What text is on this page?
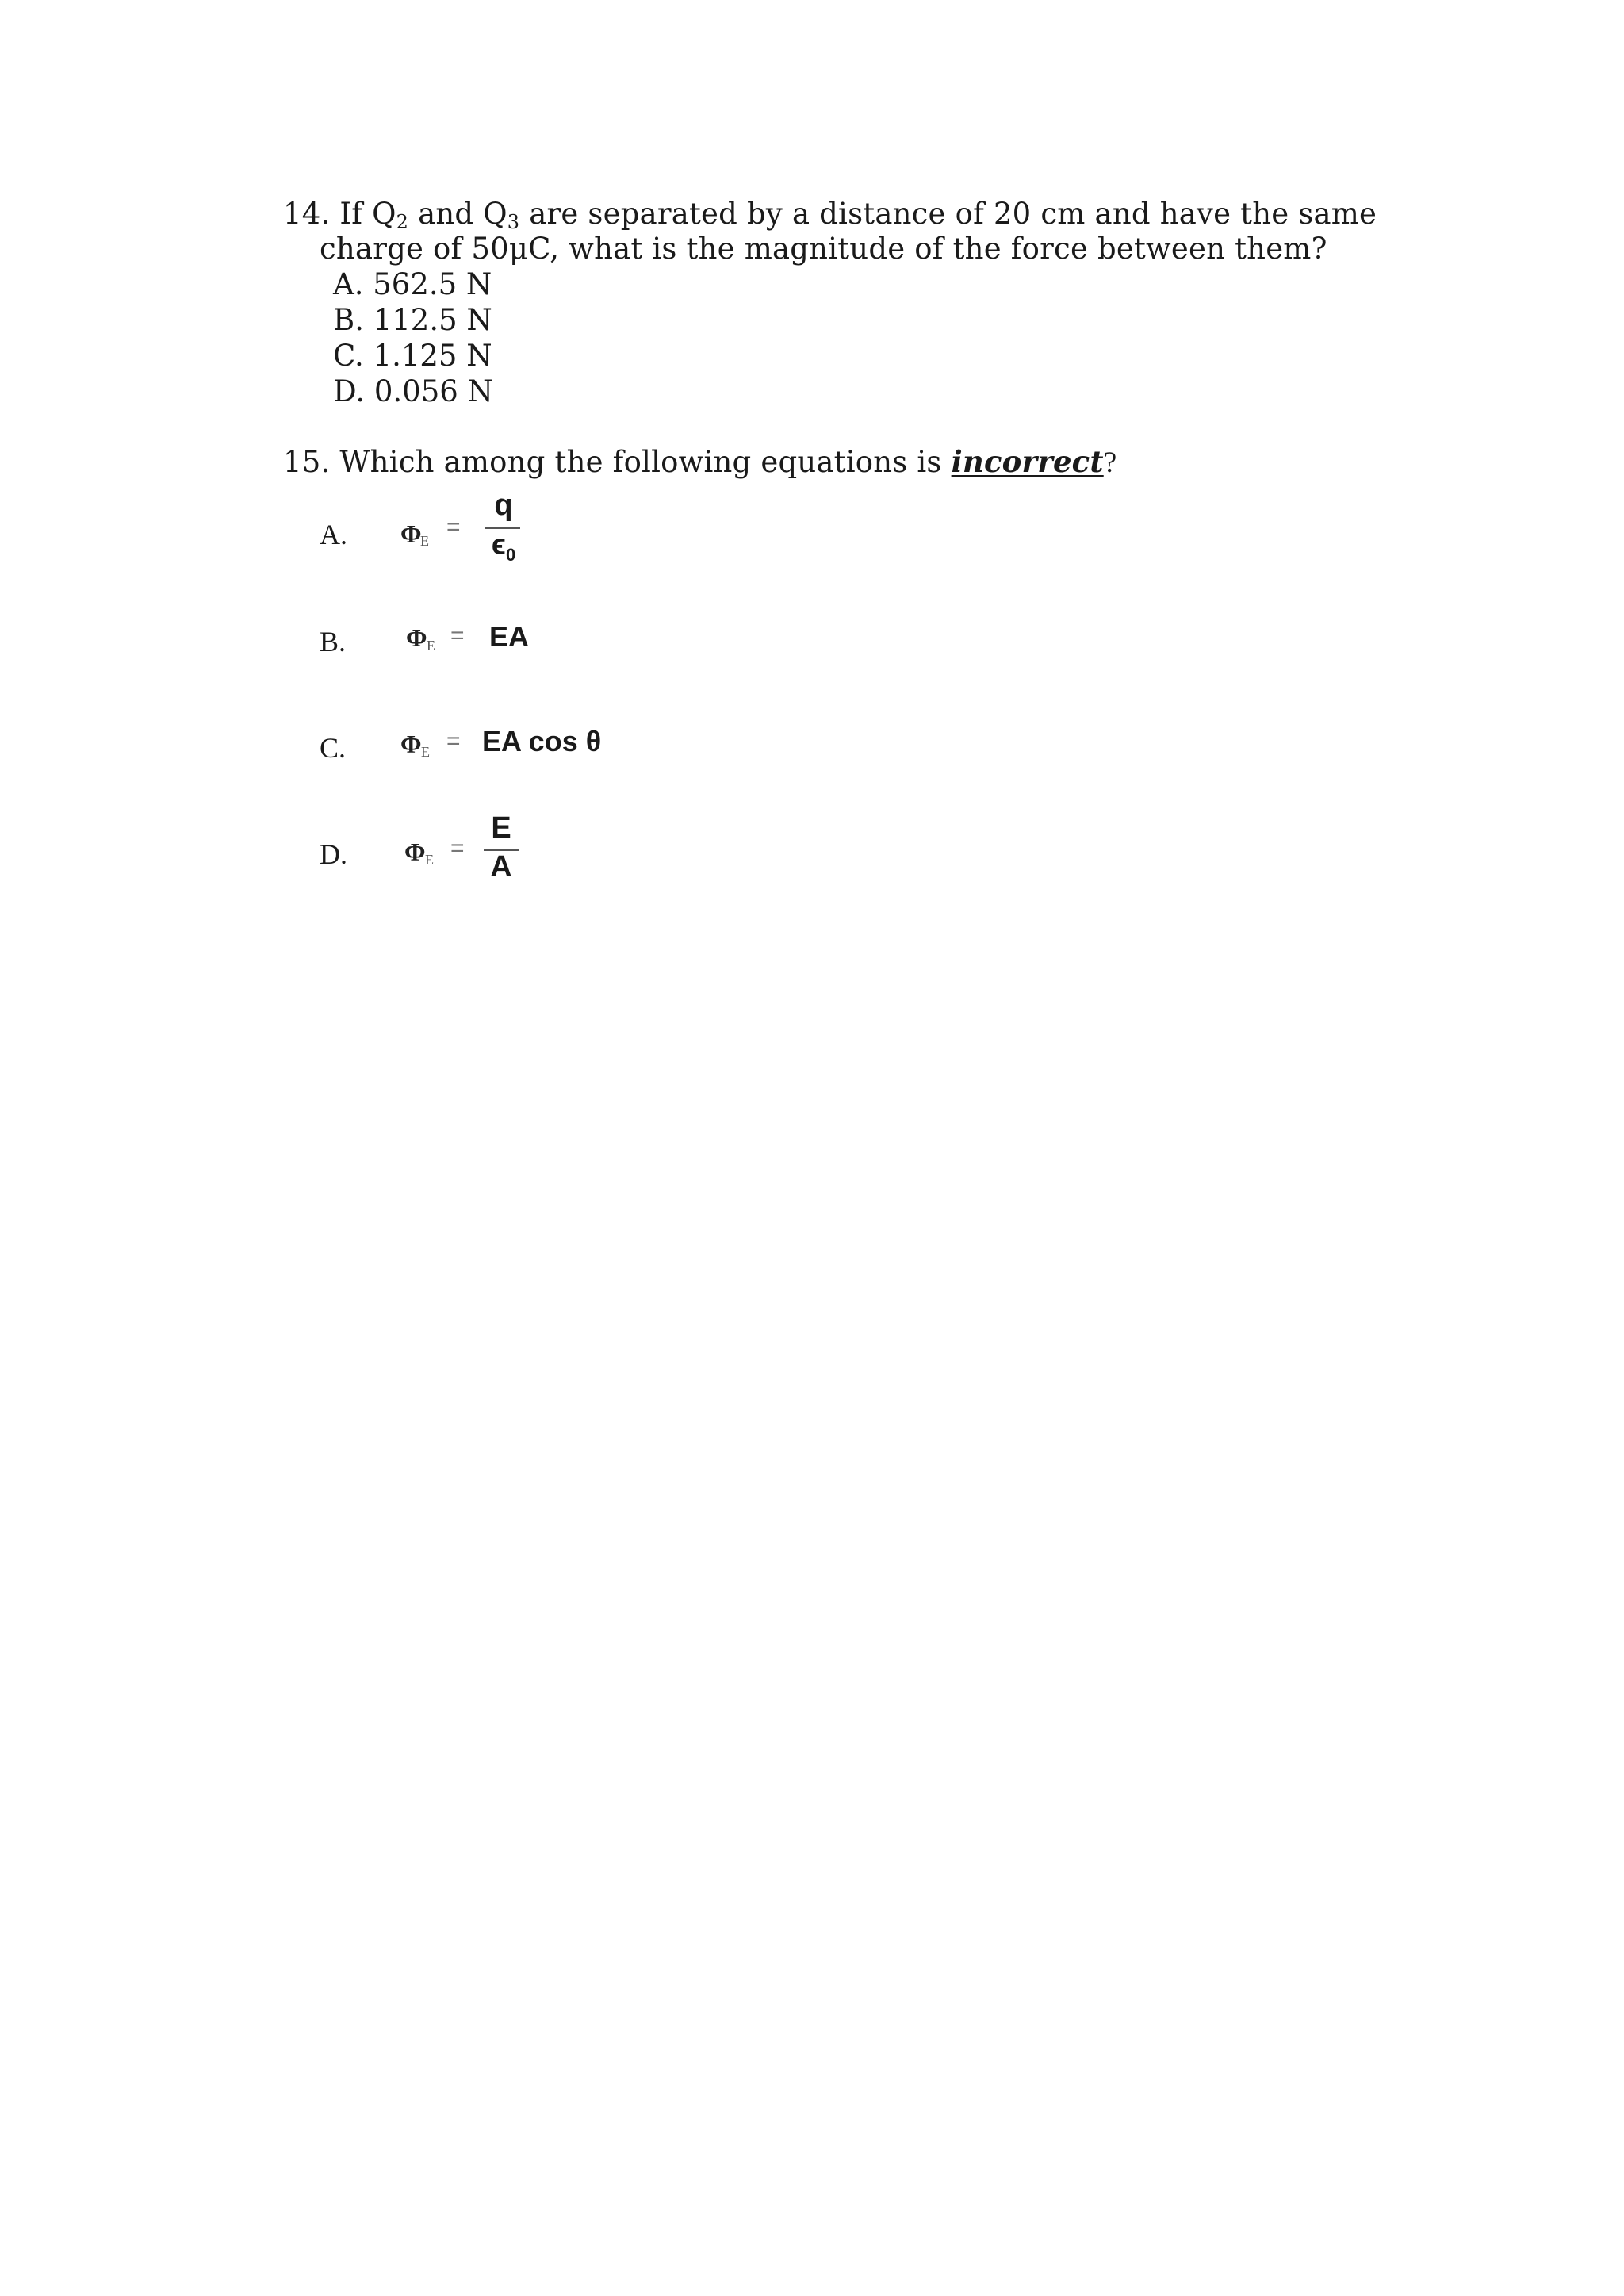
14. If $Q_2$ and $Q_3$ are separated by a distance of 20 cm and have the same
charge of 50μC, what is the magnitude of the force between them?
A. 562.5 N
B. 112.5 N
C. 1.125 N
D. 0.056 N
15. Which among the following equations is incorrect?
A. Φ
E
=
q
$\epsilon_0$
B. Φ E = EA
C. Φ E = EA cos θ
D. Φ E =
E
A
